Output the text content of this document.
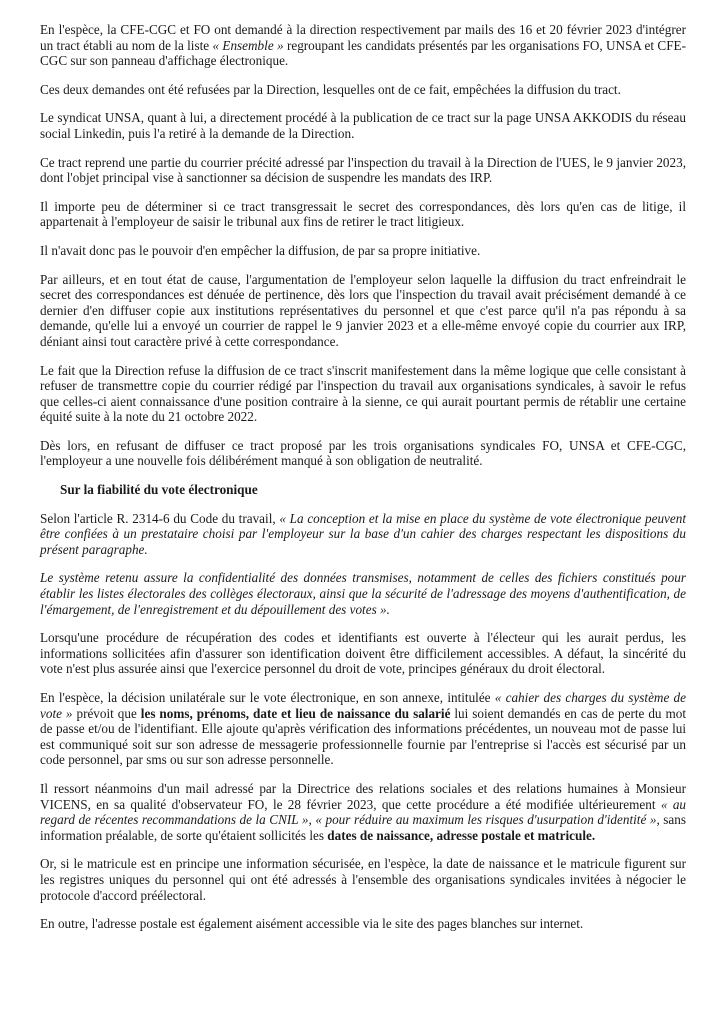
En l'espèce, la CFE-CGC et FO ont demandé à la direction respectivement par mails des 16 et 20 février 2023 d'intégrer un tract établi au nom de la liste « Ensemble » regroupant les candidats présentés par les organisations FO, UNSA et CFE-CGC sur son panneau d'affichage électronique.

Ces deux demandes ont été refusées par la Direction, lesquelles ont de ce fait, empêchées la diffusion du tract.

Le syndicat UNSA, quant à lui, a directement procédé à la publication de ce tract sur la page UNSA AKKODIS du réseau social Linkedin, puis l'a retiré à la demande de la Direction.

Ce tract reprend une partie du courrier précité adressé par l'inspection du travail à la Direction de l'UES, le 9 janvier 2023, dont l'objet principal vise à sanctionner sa décision de suspendre les mandats des IRP.

Il importe peu de déterminer si ce tract transgressait le secret des correspondances, dès lors qu'en cas de litige, il appartenait à l'employeur de saisir le tribunal aux fins de retirer le tract litigieux.

Il n'avait donc pas le pouvoir d'en empêcher la diffusion, de par sa propre initiative.

Par ailleurs, et en tout état de cause, l'argumentation de l'employeur selon laquelle la diffusion du tract enfreindrait le secret des correspondances est dénuée de pertinence, dès lors que l'inspection du travail avait précisément demandé à ce dernier d'en diffuser copie aux institutions représentatives du personnel et que c'est parce qu'il n'a pas répondu à sa demande, qu'elle lui a envoyé un courrier de rappel le 9 janvier 2023 et a elle-même envoyé copie du courrier aux IRP, déniant ainsi tout caractère privé à cette correspondance.

Le fait que la Direction refuse la diffusion de ce tract s'inscrit manifestement dans la même logique que celle consistant à refuser de transmettre copie du courrier rédigé par l'inspection du travail aux organisations syndicales, à savoir le refus que celles-ci aient connaissance d'une position contraire à la sienne, ce qui aurait pourtant permis de rétablir une certaine équité suite à la note du 21 octobre 2022.

Dès lors, en refusant de diffuser ce tract proposé par les trois organisations syndicales FO, UNSA et CFE-CGC, l'employeur a une nouvelle fois délibérément manqué à son obligation de neutralité.

Sur la fiabilité du vote électronique

Selon l'article R. 2314-6 du Code du travail, « La conception et la mise en place du système de vote électronique peuvent être confiées à un prestataire choisi par l'employeur sur la base d'un cahier des charges respectant les dispositions du présent paragraphe.

Le système retenu assure la confidentialité des données transmises, notamment de celles des fichiers constitués pour établir les listes électorales des collèges électoraux, ainsi que la sécurité de l'adressage des moyens d'authentification, de l'émargement, de l'enregistrement et du dépouillement des votes ».

Lorsqu'une procédure de récupération des codes et identifiants est ouverte à l'électeur qui les aurait perdus, les informations sollicitées afin d'assurer son identification doivent être difficilement accessibles. A défaut, la sincérité du vote n'est plus assurée ainsi que l'exercice personnel du droit de vote, principes généraux du droit électoral.

En l'espèce, la décision unilatérale sur le vote électronique, en son annexe, intitulée « cahier des charges du système de vote » prévoit que les noms, prénoms, date et lieu de naissance du salarié lui soient demandés en cas de perte du mot de passe et/ou de l'identifiant. Elle ajoute qu'après vérification des informations précédentes, un nouveau mot de passe lui est communiqué soit sur son adresse de messagerie professionnelle fournie par l'entreprise si l'accès est sécurisé par un code personnel, par sms ou sur son adresse personnelle.

Il ressort néanmoins d'un mail adressé par la Directrice des relations sociales et des relations humaines à Monsieur VICENS, en sa qualité d'observateur FO, le 28 février 2023, que cette procédure a été modifiée ultérieurement « au regard de récentes recommandations de la CNIL », « pour réduire au maximum les risques d'usurpation d'identité », sans information préalable, de sorte qu'étaient sollicités les dates de naissance, adresse postale et matricule.

Or, si le matricule est en principe une information sécurisée, en l'espèce, la date de naissance et le matricule figurent sur les registres uniques du personnel qui ont été adressés à l'ensemble des organisations syndicales invitées à négocier le protocole d'accord préélectoral.

En outre, l'adresse postale est également aisément accessible via le site des pages blanches sur internet.
